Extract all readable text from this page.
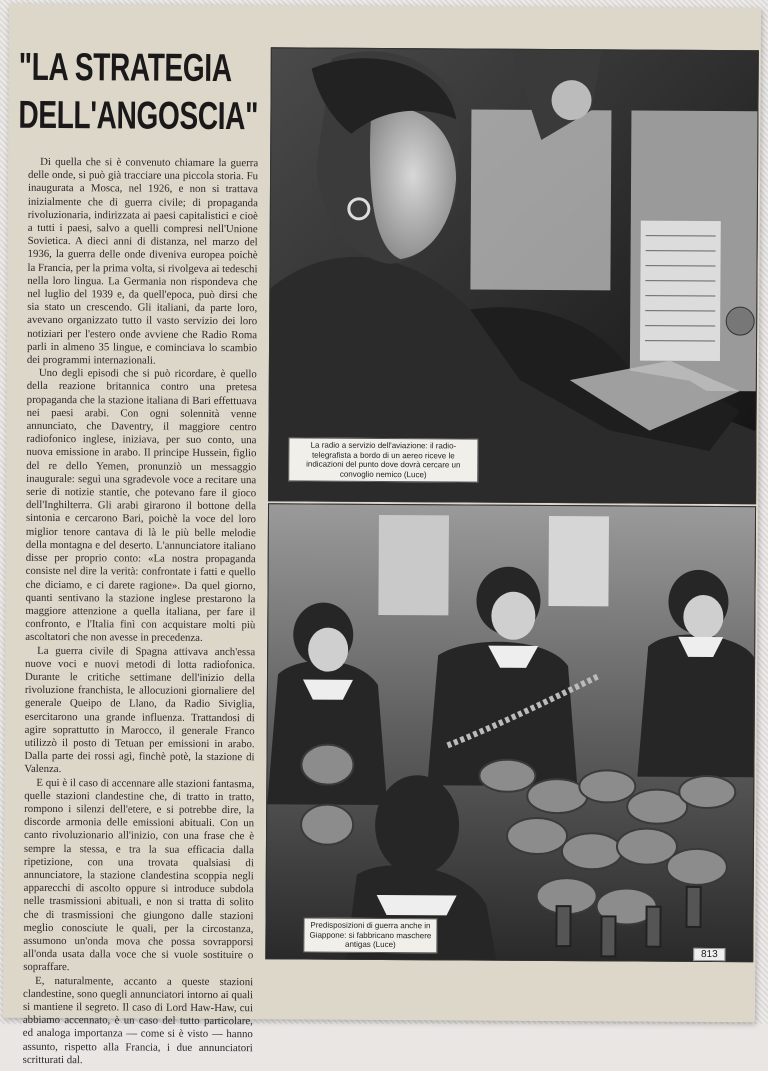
"LA STRATEGIA
DELL'ANGOSCIA"

Di quella che si è convenuto chiamare la guerra delle onde, si può già tracciare una piccola storia. Fu inaugurata a Mosca, nel 1926, e non si trattava inizialmente che di guerra civile; di propaganda rivoluzionaria, indirizzata ai paesi capitalistici e cioè a tutti i paesi, salvo a quelli compresi nell'Unione Sovietica. A dieci anni di distanza, nel marzo del 1936, la guerra delle onde diveniva europea poichè la Francia, per la prima volta, si rivolgeva ai tedeschi nella loro lingua. La Germania non rispondeva che nel luglio del 1939 e, da quell'epoca, può dirsi che sia stato un crescendo. Gli italiani, da parte loro, avevano organizzato tutto il vasto servizio dei loro notiziari per l'estero onde avviene che Radio Roma parli in almeno 35 lingue, e cominciava lo scambio dei programmi internazionali.

Uno degli episodi che si può ricordare, è quello della reazione britannica contro una pretesa propaganda che la stazione italiana di Bari effettuava nei paesi arabi. Con ogni solennità venne annunciato, che Daventry, il maggiore centro radiofonico inglese, iniziava, per suo conto, una nuova emissione in arabo. Il principe Hussein, figlio del re dello Yemen, pronunziò un messaggio inaugurale: seguì una sgradevole voce a recitare una serie di notizie stantie, che potevano fare il gioco dell'Inghilterra. Gli arabi girarono il bottone della sintonia e cercarono Bari, poichè la voce del loro miglior tenore cantava di là le più belle melodie della montagna e del deserto. L'annunciatore italiano disse per proprio conto: «La nostra propaganda consiste nel dire la verità: confrontate i fatti e quello che diciamo, e ci darete ragione». Da quel giorno, quanti sentivano la stazione inglese prestarono la maggiore attenzione a quella italiana, per fare il confronto, e l'Italia finì con acquistare molti più ascoltatori che non avesse in precedenza.

La guerra civile di Spagna attivava anch'essa nuove voci e nuovi metodi di lotta radiofonica. Durante le critiche settimane dell'inizio della rivoluzione franchista, le allocuzioni giornaliere del generale Queipo de Llano, da Radio Siviglia, esercitarono una grande influenza. Trattandosi di agire soprattutto in Marocco, il generale Franco utilizzò il posto di Tetuan per emissioni in arabo. Dalla parte dei rossi agì, finchè potè, la stazione di Valenza.

E qui è il caso di accennare alle stazioni fantasma, quelle stazioni clandestine che, di tratto in tratto, rompono i silenzi dell'etere, e si potrebbe dire, la discorde armonia delle emissioni abituali. Con un canto rivoluzionario all'inizio, con una frase che è sempre la stessa, e tra la sua efficacia dalla ripetizione, con una trovata qualsiasi di annunciatore, la stazione clandestina scoppia negli apparecchi di ascolto oppure si introduce subdola nelle trasmissioni abituali, e non si tratta di solito che di trasmissioni che giungono dalle stazioni meglio conosciute le quali, per la circostanza, assumono un'onda mova che possa sovrapporsi all'onda usata dalla voce che si vuole sostituire o sopraffare.

E, naturalmente, accanto a queste stazioni clandestine, sono quegli annunciatori intorno ai quali si mantiene il segreto. Il caso di Lord Haw-Haw, cui abbiamo accennato, è un caso del tutto particolare, ed analoga importanza — come si è visto — hanno assunto, rispetto alla Francia, i due annunciatori scritturati dal.

La radio a servizio dell'aviazione: il radio-telegrafista a bordo di un aereo riceve le indicazioni del punto dove dovrà cercare un convoglio nemico (Luce)
Predisposizioni di guerra anche in Giappone: si fabbricano maschere antigas (Luce)
813
